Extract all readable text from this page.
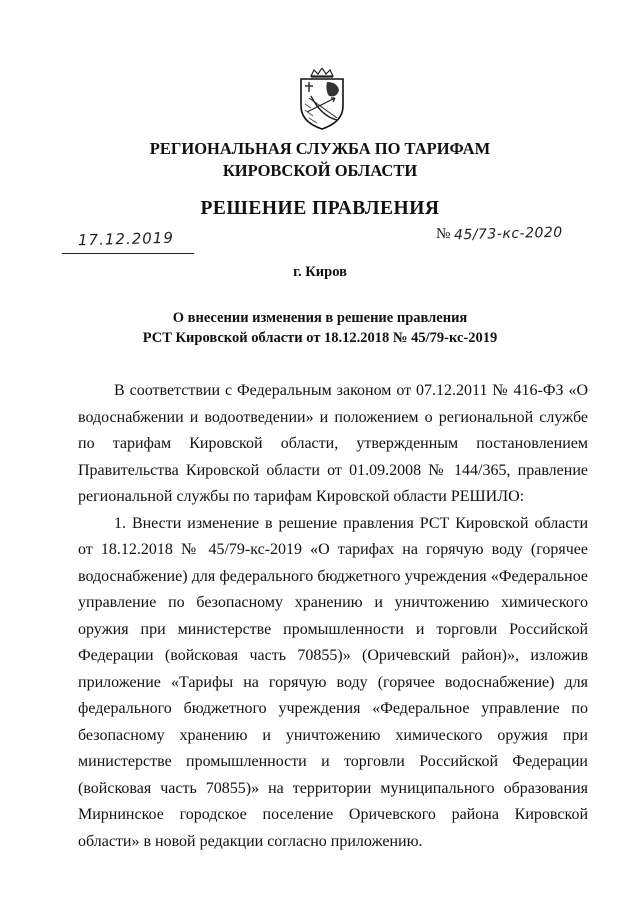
РЕГИОНАЛЬНАЯ СЛУЖБА ПО ТАРИФАМ
КИРОВСКОЙ ОБЛАСТИ
РЕШЕНИЕ ПРАВЛЕНИЯ
17.12.2019	№ 45/73-кс-2020
г. Киров
О внесении изменения в решение правления
РСТ Кировской области от 18.12.2018 № 45/79-кс-2019

В соответствии с Федеральным законом от 07.12.2011 № 416-ФЗ «О водоснабжении и водоотведении» и положением о региональной службе по тарифам Кировской области, утвержденным постановлением Правительства Кировской области от 01.09.2008 № 144/365, правление региональной службы по тарифам Кировской области РЕШИЛО:

1. Внести изменение в решение правления РСТ Кировской области от 18.12.2018 № 45/79-кс-2019 «О тарифах на горячую воду (горячее водоснабжение) для федерального бюджетного учреждения «Федеральное управление по безопасному хранению и уничтожению химического оружия при министерстве промышленности и торговли Российской Федерации (войсковая часть 70855)» (Оричевский район)», изложив приложение «Тарифы на горячую воду (горячее водоснабжение) для федерального бюджетного учреждения «Федеральное управление по безопасному хранению и уничтожению химического оружия при министерстве промышленности и торговли Российской Федерации (войсковая часть 70855)» на территории муниципального образования Мирнинское городское поселение Оричевского района Кировской области» в новой редакции согласно приложению.
